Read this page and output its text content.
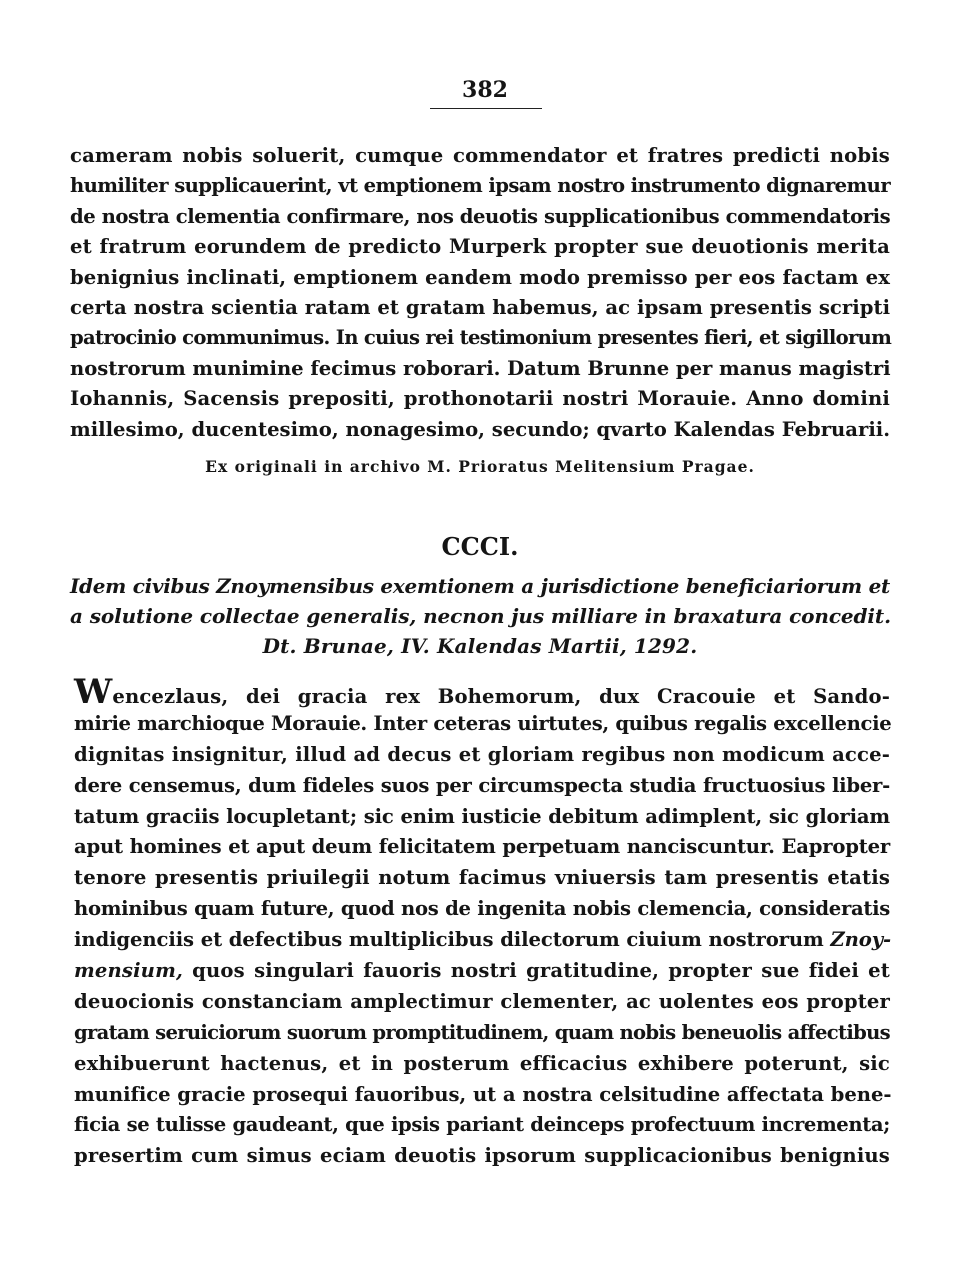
382
cameram nobis soluerit, cumque commendator et fratres predicti nobis
humiliter supplicauerint, vt emptionem ipsam nostro instrumento dignaremur
de nostra clementia confirmare, nos deuotis supplicationibus commendatoris
et fratrum eorundem de predicto Murperk propter sue deuotionis merita
benignius inclinati, emptionem eandem modo premisso per eos factam ex
certa nostra scientia ratam et gratam habemus, ac ipsam presentis scripti
patrocinio communimus. In cuius rei testimonium presentes fieri, et sigillorum
nostrorum munimine fecimus roborari. Datum Brunne per manus magistri
Iohannis, Sacensis prepositi, prothonotarii nostri Morauie. Anno domini
millesimo, ducentesimo, nonagesimo, secundo; qvarto Kalendas Februarii.
Ex originali in archivo M. Prioratus Melitensium Pragae.
CCCI.
Idem civibus Znoymensibus exemtionem a jurisdictione beneficiariorum et
a solutione collectae generalis, necnon jus milliare in braxatura concedit.
Dt. Brunae, IV. Kalendas Martii, 1292.
Wencezlaus, dei gracia rex Bohemorum, dux Cracouie et Sando-
mirie marchioque Morauie. Inter ceteras uirtutes, quibus regalis excellencie
dignitas insignitur, illud ad decus et gloriam regibus non modicum acce-
dere censemus, dum fideles suos per circumspecta studia fructuosius liber-
tatum graciis locupletant; sic enim iusticie debitum adimplent, sic gloriam
aput homines et aput deum felicitatem perpetuam nanciscuntur. Eapropter
tenore presentis priuilegii notum facimus vniuersis tam presentis etatis
hominibus quam future, quod nos de ingenita nobis clemencia, consideratis
indigenciis et defectibus multiplicibus dilectorum ciuium nostrorum Znoy-
mensium, quos singulari fauoris nostri gratitudine, propter sue fidei et
deuocionis constanciam amplectimur clementer, ac uolentes eos propter
gratam seruiciorum suorum promptitudinem, quam nobis beneuolis affectibus
exhibuerunt hactenus, et in posterum efficacius exhibere poterunt, sic
munifice gracie prosequi fauoribus, ut a nostra celsitudine affectata bene-
ficia se tulisse gaudeant, que ipsis pariant deinceps profectuum incrementa;
presertim cum simus eciam deuotis ipsorum supplicacionibus benignius
